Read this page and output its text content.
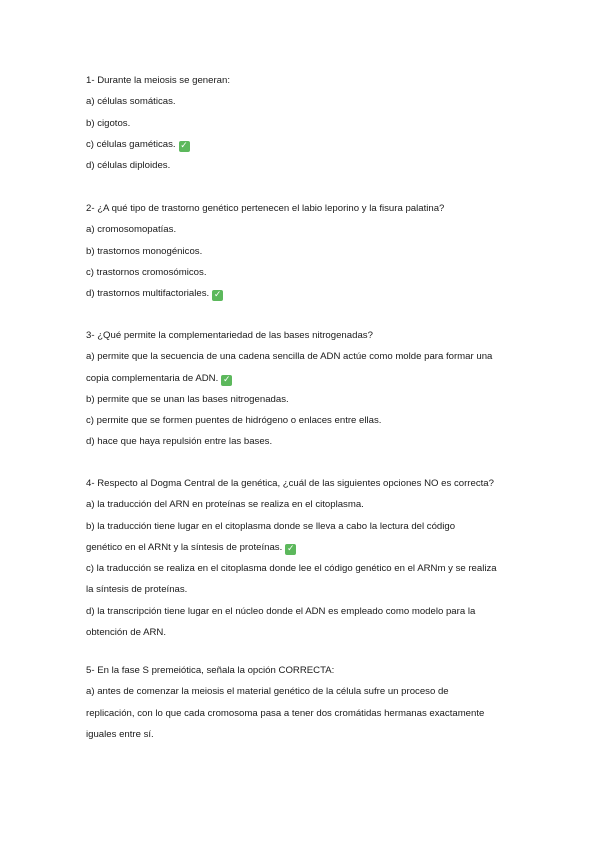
1- Durante la meiosis se generan:
a) células somáticas.
b) cigotos.
c) células gaméticas. ✓
d) células diploides.
2- ¿A qué tipo de trastorno genético pertenecen el labio leporino y la fisura palatina?
a) cromosomopatías.
b) trastornos monogénicos.
c) trastornos cromosómicos.
d) trastornos multifactoriales. ✓
3- ¿Qué permite la complementariedad de las bases nitrogenadas?
a) permite que la secuencia de una cadena sencilla de ADN actúe como molde para formar una
copia complementaria de ADN. ✓
b) permite que se unan las bases nitrogenadas.
c) permite que se formen puentes de hidrógeno o enlaces entre ellas.
d) hace que haya repulsión entre las bases.
4- Respecto al Dogma Central de la genética, ¿cuál de las siguientes opciones NO es correcta?
a) la traducción del ARN en proteínas se realiza en el citoplasma.
b) la traducción tiene lugar en el citoplasma donde se lleva a cabo la lectura del código
genético en el ARNt y la síntesis de proteínas. ✓
c) la traducción se realiza en el citoplasma donde lee el código genético en el ARNm y se realiza
la síntesis de proteínas.
d) la transcripción tiene lugar en el núcleo donde el ADN es empleado como modelo para la
obtención de ARN.
5- En la fase S premeiótica, señala la opción CORRECTA:
a) antes de comenzar la meiosis el material genético de la célula sufre un proceso de
replicación, con lo que cada cromosoma pasa a tener dos cromátidas hermanas exactamente
iguales entre sí.
